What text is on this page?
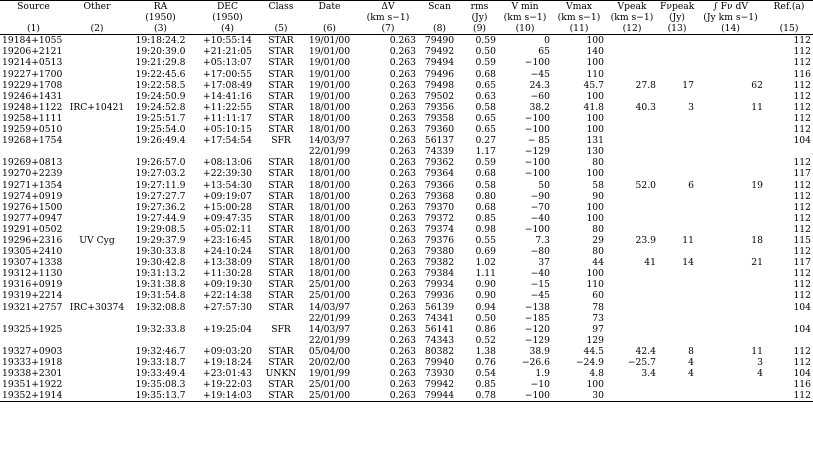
Source	Other	RA	DEC	Class	Date	ΔV	Scan	rms	V min	Vmax	Vpeak	Fνpeak	∫ Fν dV	Ref.(a)
		(1950)	(1950)			(km s−1)		(Jy)	(km s−1)	(km s−1)	(km s−1)	(Jy)	(Jy km s−1)	
(1)	(2)	(3)	(4)	(5)	(6)	(7)	(8)	(9)	(10)	(11)	(12)	(13)	(14)	(15)
19184+1055		19:18:24.2	+10:55:14	STAR	19/01/00	0.263	79490	0.59	0	100				112
19206+2121		19:20:39.0	+21:21:05	STAR	19/01/00	0.263	79492	0.50	65	140				112
19214+0513		19:21:29.8	+05:13:07	STAR	19/01/00	0.263	79494	0.59	−100	100				112
19227+1700		19:22:45.6	+17:00:55	STAR	19/01/00	0.263	79496	0.68	−45	110				116
19229+1708		19:22:58.5	+17:08:49	STAR	19/01/00	0.263	79498	0.65	24.3	45.7	27.8	17	62	112
19246+1431		19:24:50.9	+14:41:16	STAR	19/01/00	0.263	79502	0.63	−60	100				112
19248+1122	IRC+10421	19:24:52.8	+11:22:55	STAR	18/01/00	0.263	79356	0.58	38.2	41.8	40.3	3	11	112
19258+1111		19:25:51.7	+11:11:17	STAR	18/01/00	0.263	79358	0.65	−100	100				112
19259+0510		19:25:54.0	+05:10:15	STAR	18/01/00	0.263	79360	0.65	−100	100				112
19268+1754		19:26:49.4	+17:54:54	SFR	14/03/97	0.263	56137	0.27	− 85	131				104
					22/01/99	0.263	74339	1.17	−129	130				
19269+0813		19:26:57.0	+08:13:06	STAR	18/01/00	0.263	79362	0.59	−100	80				112
19270+2239		19:27:03.2	+22:39:30	STAR	18/01/00	0.263	79364	0.68	−100	100				117
19271+1354		19:27:11.9	+13:54:30	STAR	18/01/00	0.263	79366	0.58	50	58	52.0	6	19	112
19274+0919		19:27:27.7	+09:19:07	STAR	18/01/00	0.263	79368	0.80	−90	90				112
19276+1500		19:27:36.2	+15:00:28	STAR	18/01/00	0.263	79370	0.68	−70	100				112
19277+0947		19:27:44.9	+09:47:35	STAR	18/01/00	0.263	79372	0.85	−40	100				112
19291+0502		19:29:08.5	+05:02:11	STAR	18/01/00	0.263	79374	0.98	−100	80				112
19296+2316	UV Cyg	19:29:37.9	+23:16:45	STAR	18/01/00	0.263	79376	0.55	7.3	29	23.9	11	18	115
19305+2410		19:30:33.8	+24:10:24	STAR	18/01/00	0.263	79380	0.69	−80	80				112
19307+1338		19:30:42.8	+13:38:09	STAR	18/01/00	0.263	79382	1.02	37	44	41	14	21	117
19312+1130		19:31:13.2	+11:30:28	STAR	18/01/00	0.263	79384	1.11	−40	100				112
19316+0919		19:31:38.8	+09:19:30	STAR	25/01/00	0.263	79934	0.90	−15	110				112
19319+2214		19:31:54.8	+22:14:38	STAR	25/01/00	0.263	79936	0.90	−45	60				112
19321+2757	IRC+30374	19:32:08.8	+27:57:30	STAR	14/03/97	0.263	56139	0.94	−138	78				104
					22/01/99	0.263	74341	0.50	−185	73				
19325+1925		19:32:33.8	+19:25:04	SFR	14/03/97	0.263	56141	0.86	−120	97				104
					22/01/99	0.263	74343	0.52	−129	129				
19327+0903		19:32:46.7	+09:03:20	STAR	05/04/00	0.263	80382	1.38	38.9	44.5	42.4	8	11	112
19333+1918		19:33:18.7	+19:18:24	STAR	20/02/00	0.263	79940	0.76	−26.6	−24.9	−25.7	4	3	112
19338+2301		19:33:49.4	+23:01:43	UNKN	19/01/99	0.263	73930	0.54	1.9	4.8	3.4	4	4	104
19351+1922		19:35:08.3	+19:22:03	STAR	25/01/00	0.263	79942	0.85	−10	100				116
19352+1914		19:35:13.7	+19:14:03	STAR	25/01/00	0.263	79944	0.78	−100	30				112
